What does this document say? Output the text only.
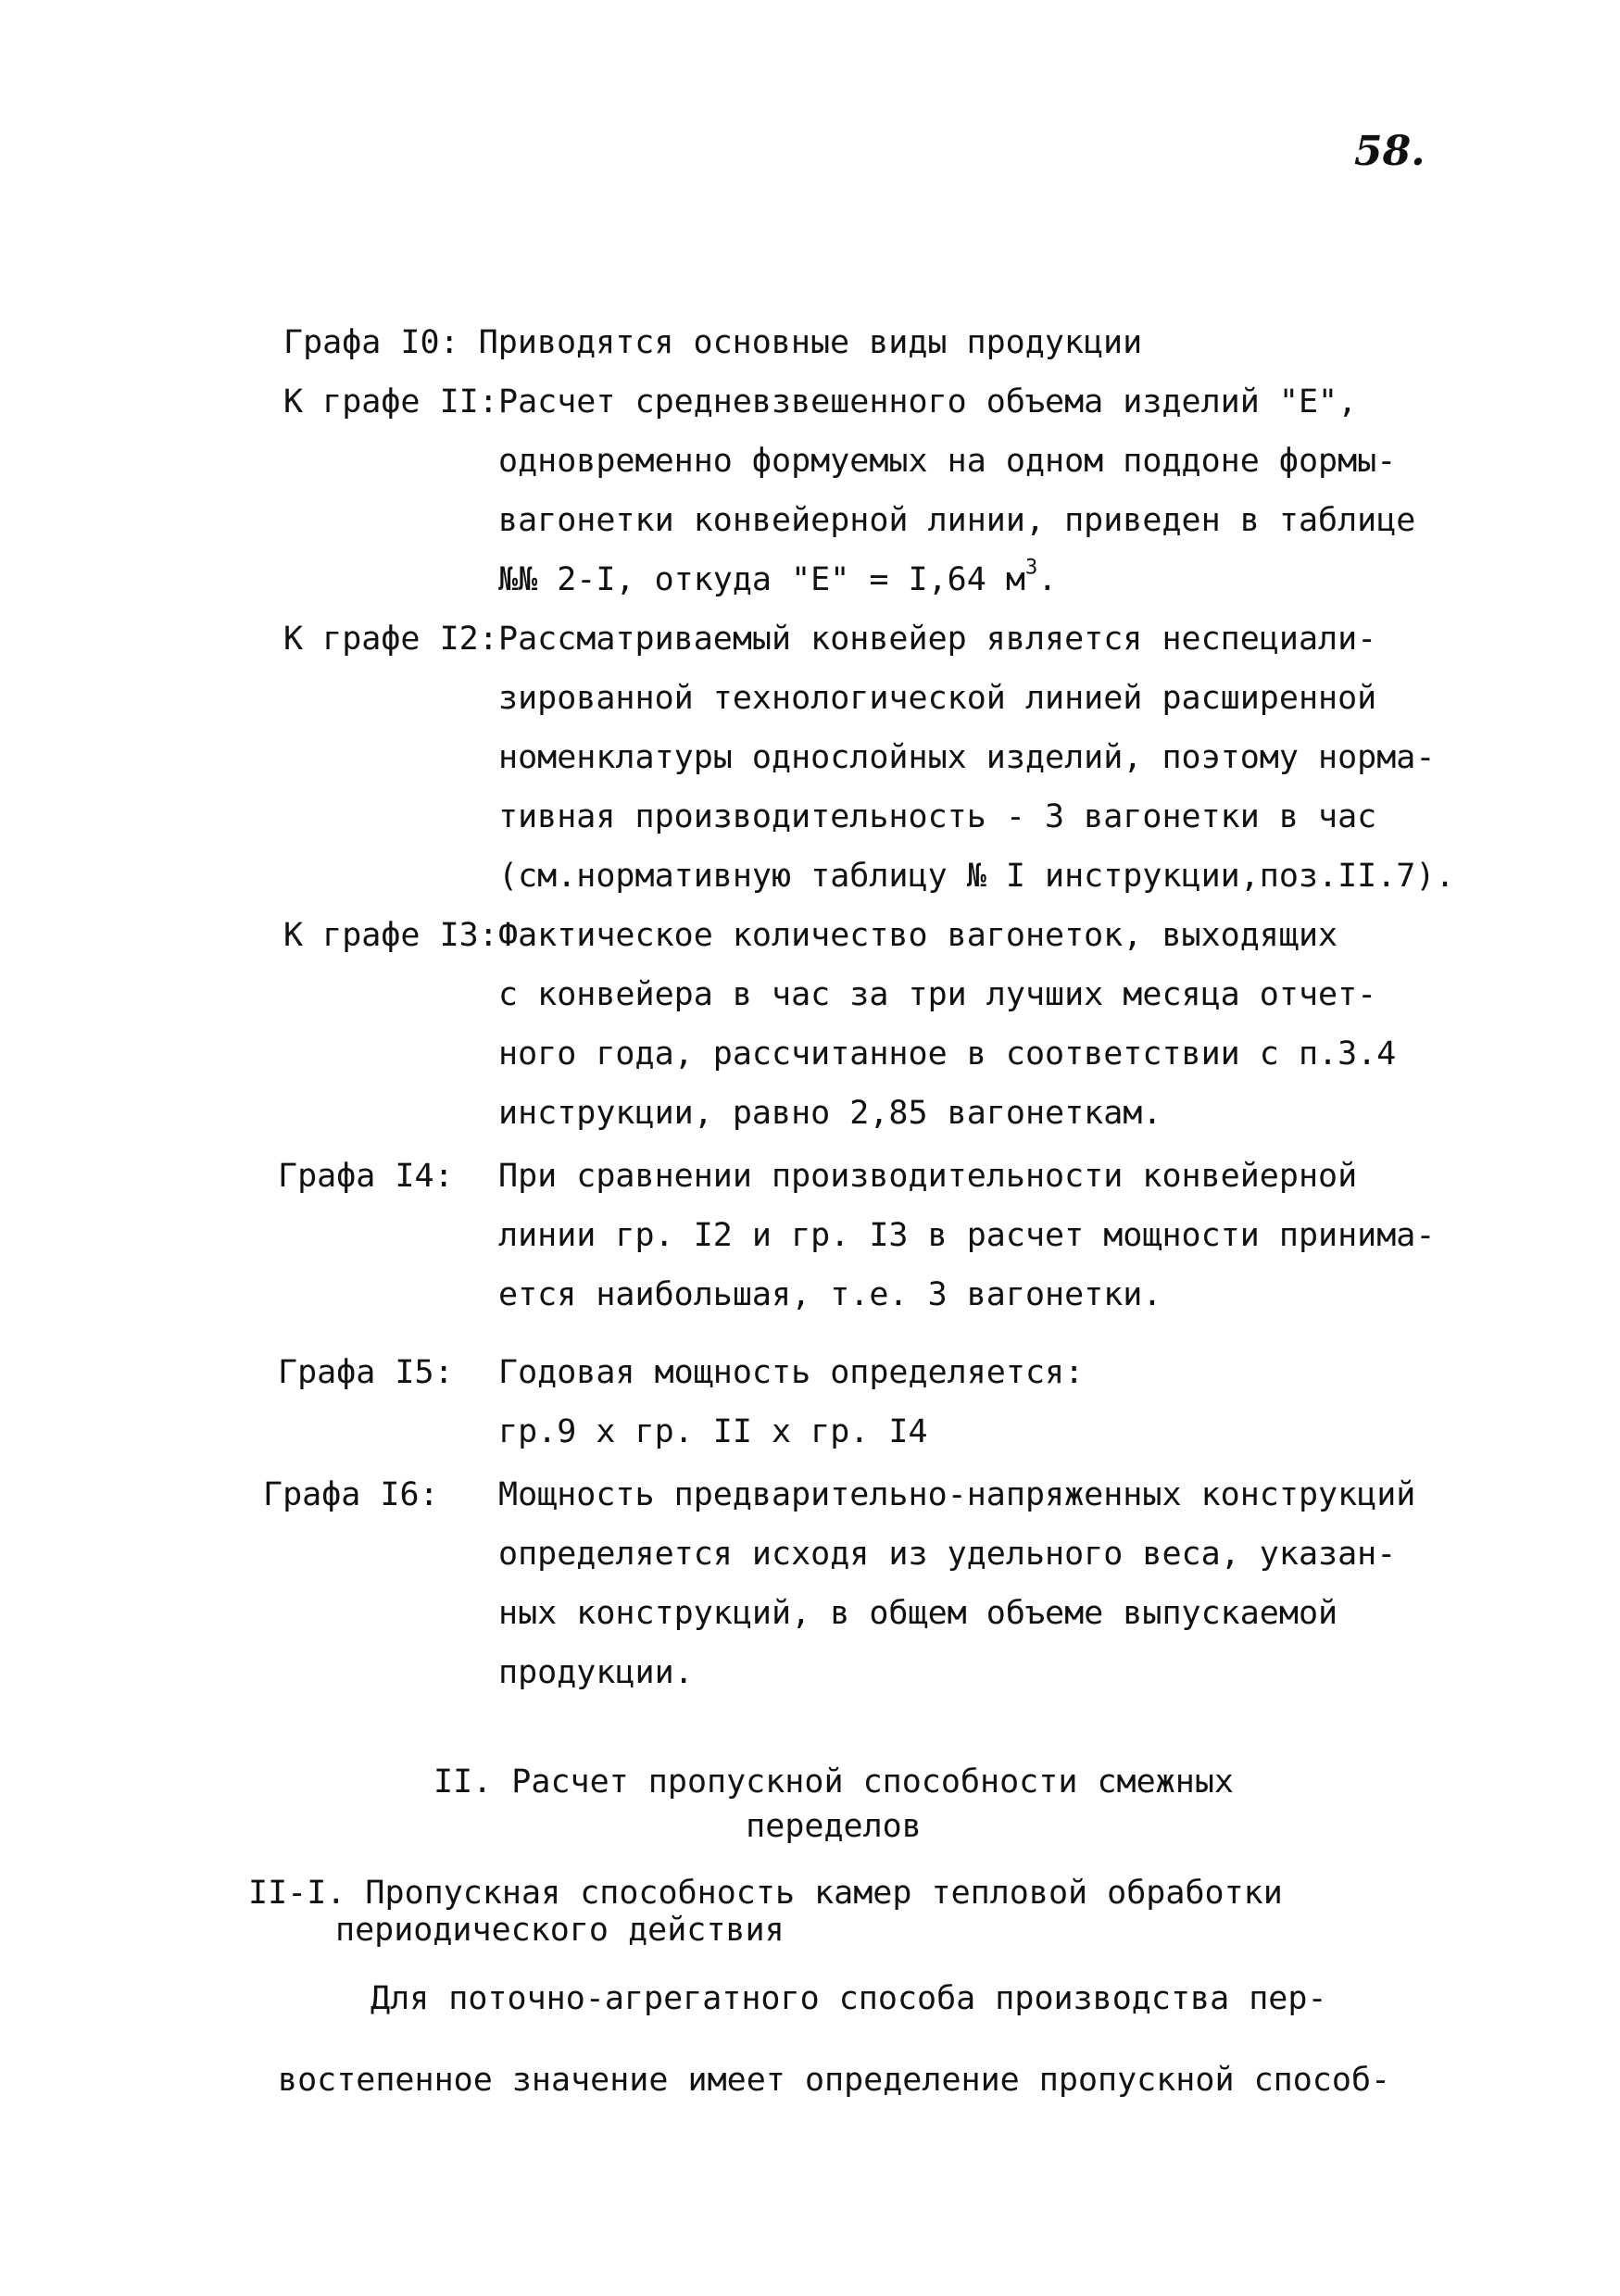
58.
Графа I0: Приводятся основные виды продукции
К графе II: Расчет средневзвешенного объема изделий "Е",
одновременно формуемых на одном поддоне формы-
вагонетки конвейерной линии, приведен в таблице
№№ 2-I, откуда "Е" = I,64 $м^3$.
К графе I2: Рассматриваемый конвейер является неспециали-
зированной технологической линией расширенной
номенклатуры однослойных изделий, поэтому норма-
тивная производительность - 3 вагонетки в час
(см.нормативную таблицу № I инструкции,поз.II.7).
К графе I3: Фактическое количество вагонеток, выходящих
с конвейера в час за три лучших месяца отчет-
ного года, рассчитанное в соответствии с п.3.4
инструкции, равно 2,85 вагонеткам.
Графа I4: При сравнении производительности конвейерной
линии гр. I2 и гр. I3 в расчет мощности принима-
ется наибольшая, т.е. 3 вагонетки.
Графа I5: Годовая мощность определяется:
гр.9 х гр. II х гр. I4
Графа I6: Мощность предварительно-напряженных конструкций
определяется исходя из удельного веса, указан-
ных конструкций, в общем объеме выпускаемой
продукции.
II. Расчет пропускной способности смежных
переделов
II-I. Пропускная способность камер тепловой обработки
периодического действия
Для поточно-агрегатного способа производства пер-
востепенное значение имеет определение пропускной способ-
